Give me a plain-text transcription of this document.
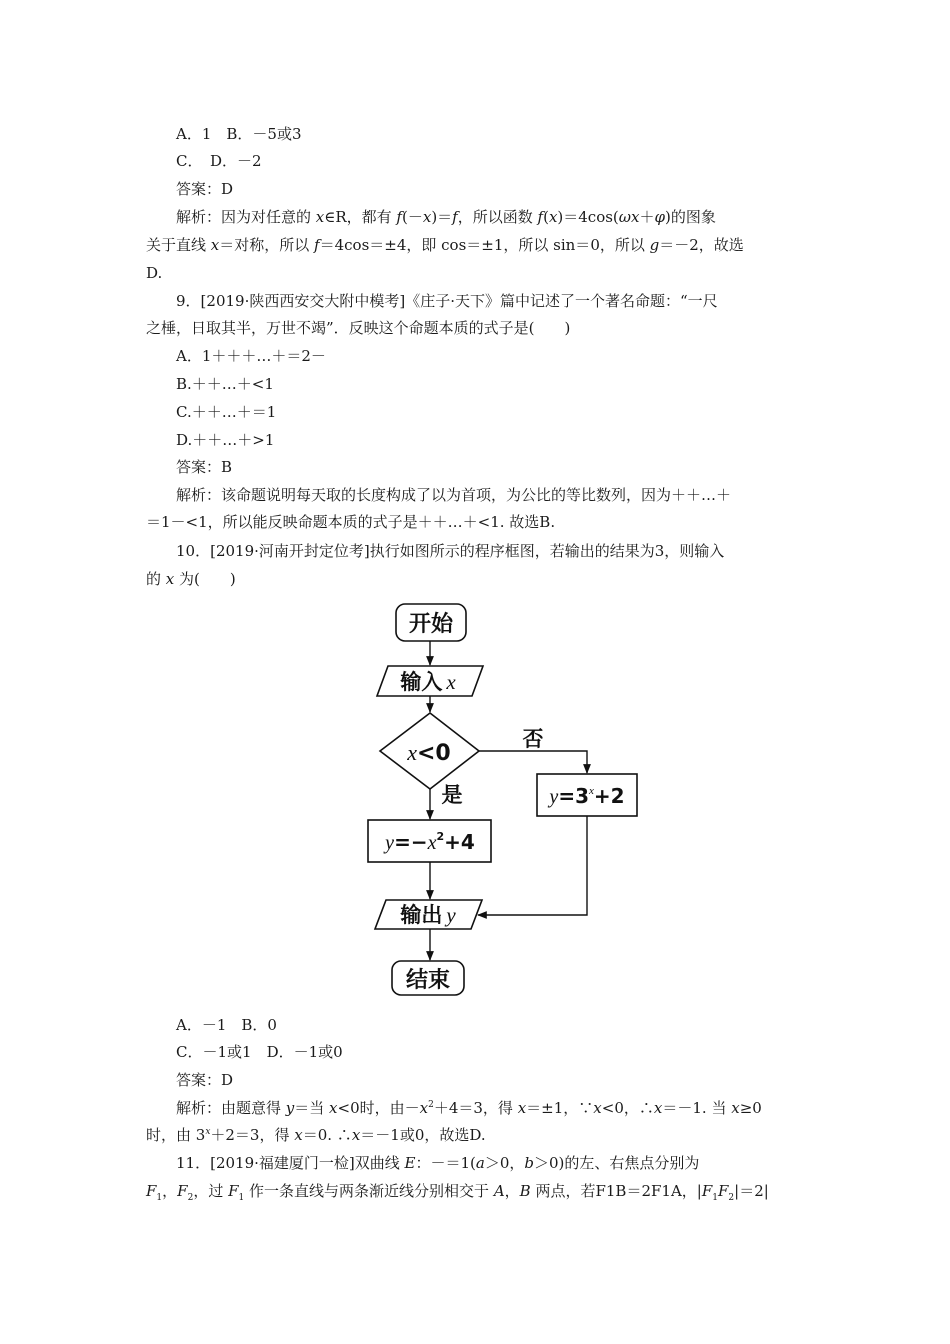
A．1　B．－5或3
C．　D．－2
答案：D
解析：因为对任意的 x∈R，都有 f(－x)＝f，所以函数 f(x)＝4cos(ωx＋φ)的图象
关于直线 x＝对称，所以 f＝4cos＝±4，即 cos＝±1，所以 sin＝0，所以 g＝－2，故选
D.
9．[2019·陕西西安交大附中模考]《庄子·天下》篇中记述了一个著名命题：“一尺
之棰，日取其半，万世不竭”．反映这个命题本质的式子是(　　)
A．1＋＋＋…＋＝2－
B.＋＋…＋<1
C.＋＋…＋＝1
D.＋＋…＋>1
答案：B
解析：该命题说明每天取的长度构成了以为首项，为公比的等比数列，因为＋＋…＋
＝1－<1，所以能反映命题本质的式子是＋＋…＋<1. 故选B.
10．[2019·河南开封定位考]执行如图所示的程序框图，若输出的结果为3，则输入
的 x 为(　　)
开始
输入 x
x<0
否
是	$y=3^x+2$
$y=-x^2+4$
输出 y
结束
A．－1　B．0
C．－1或1　D．－1或0
答案：D
解析：由题意得 y＝当 x<0时，由$-x^2+4=3$，得 x＝±1，∵x<0，∴x＝－1. 当 x≥0
时，由 $3^x+2=3$，得 x＝0. ∴x＝－1或0，故选D.
11．[2019·福建厦门一检]双曲线 E：－＝1(a＞0，b＞0)的左、右焦点分别为
$F_1$，$F_2$，过 $F_1$ 作一条直线与两条渐近线分别相交于 A，B 两点，若F1B＝2F1A，$|F_1F_2|=2|$
